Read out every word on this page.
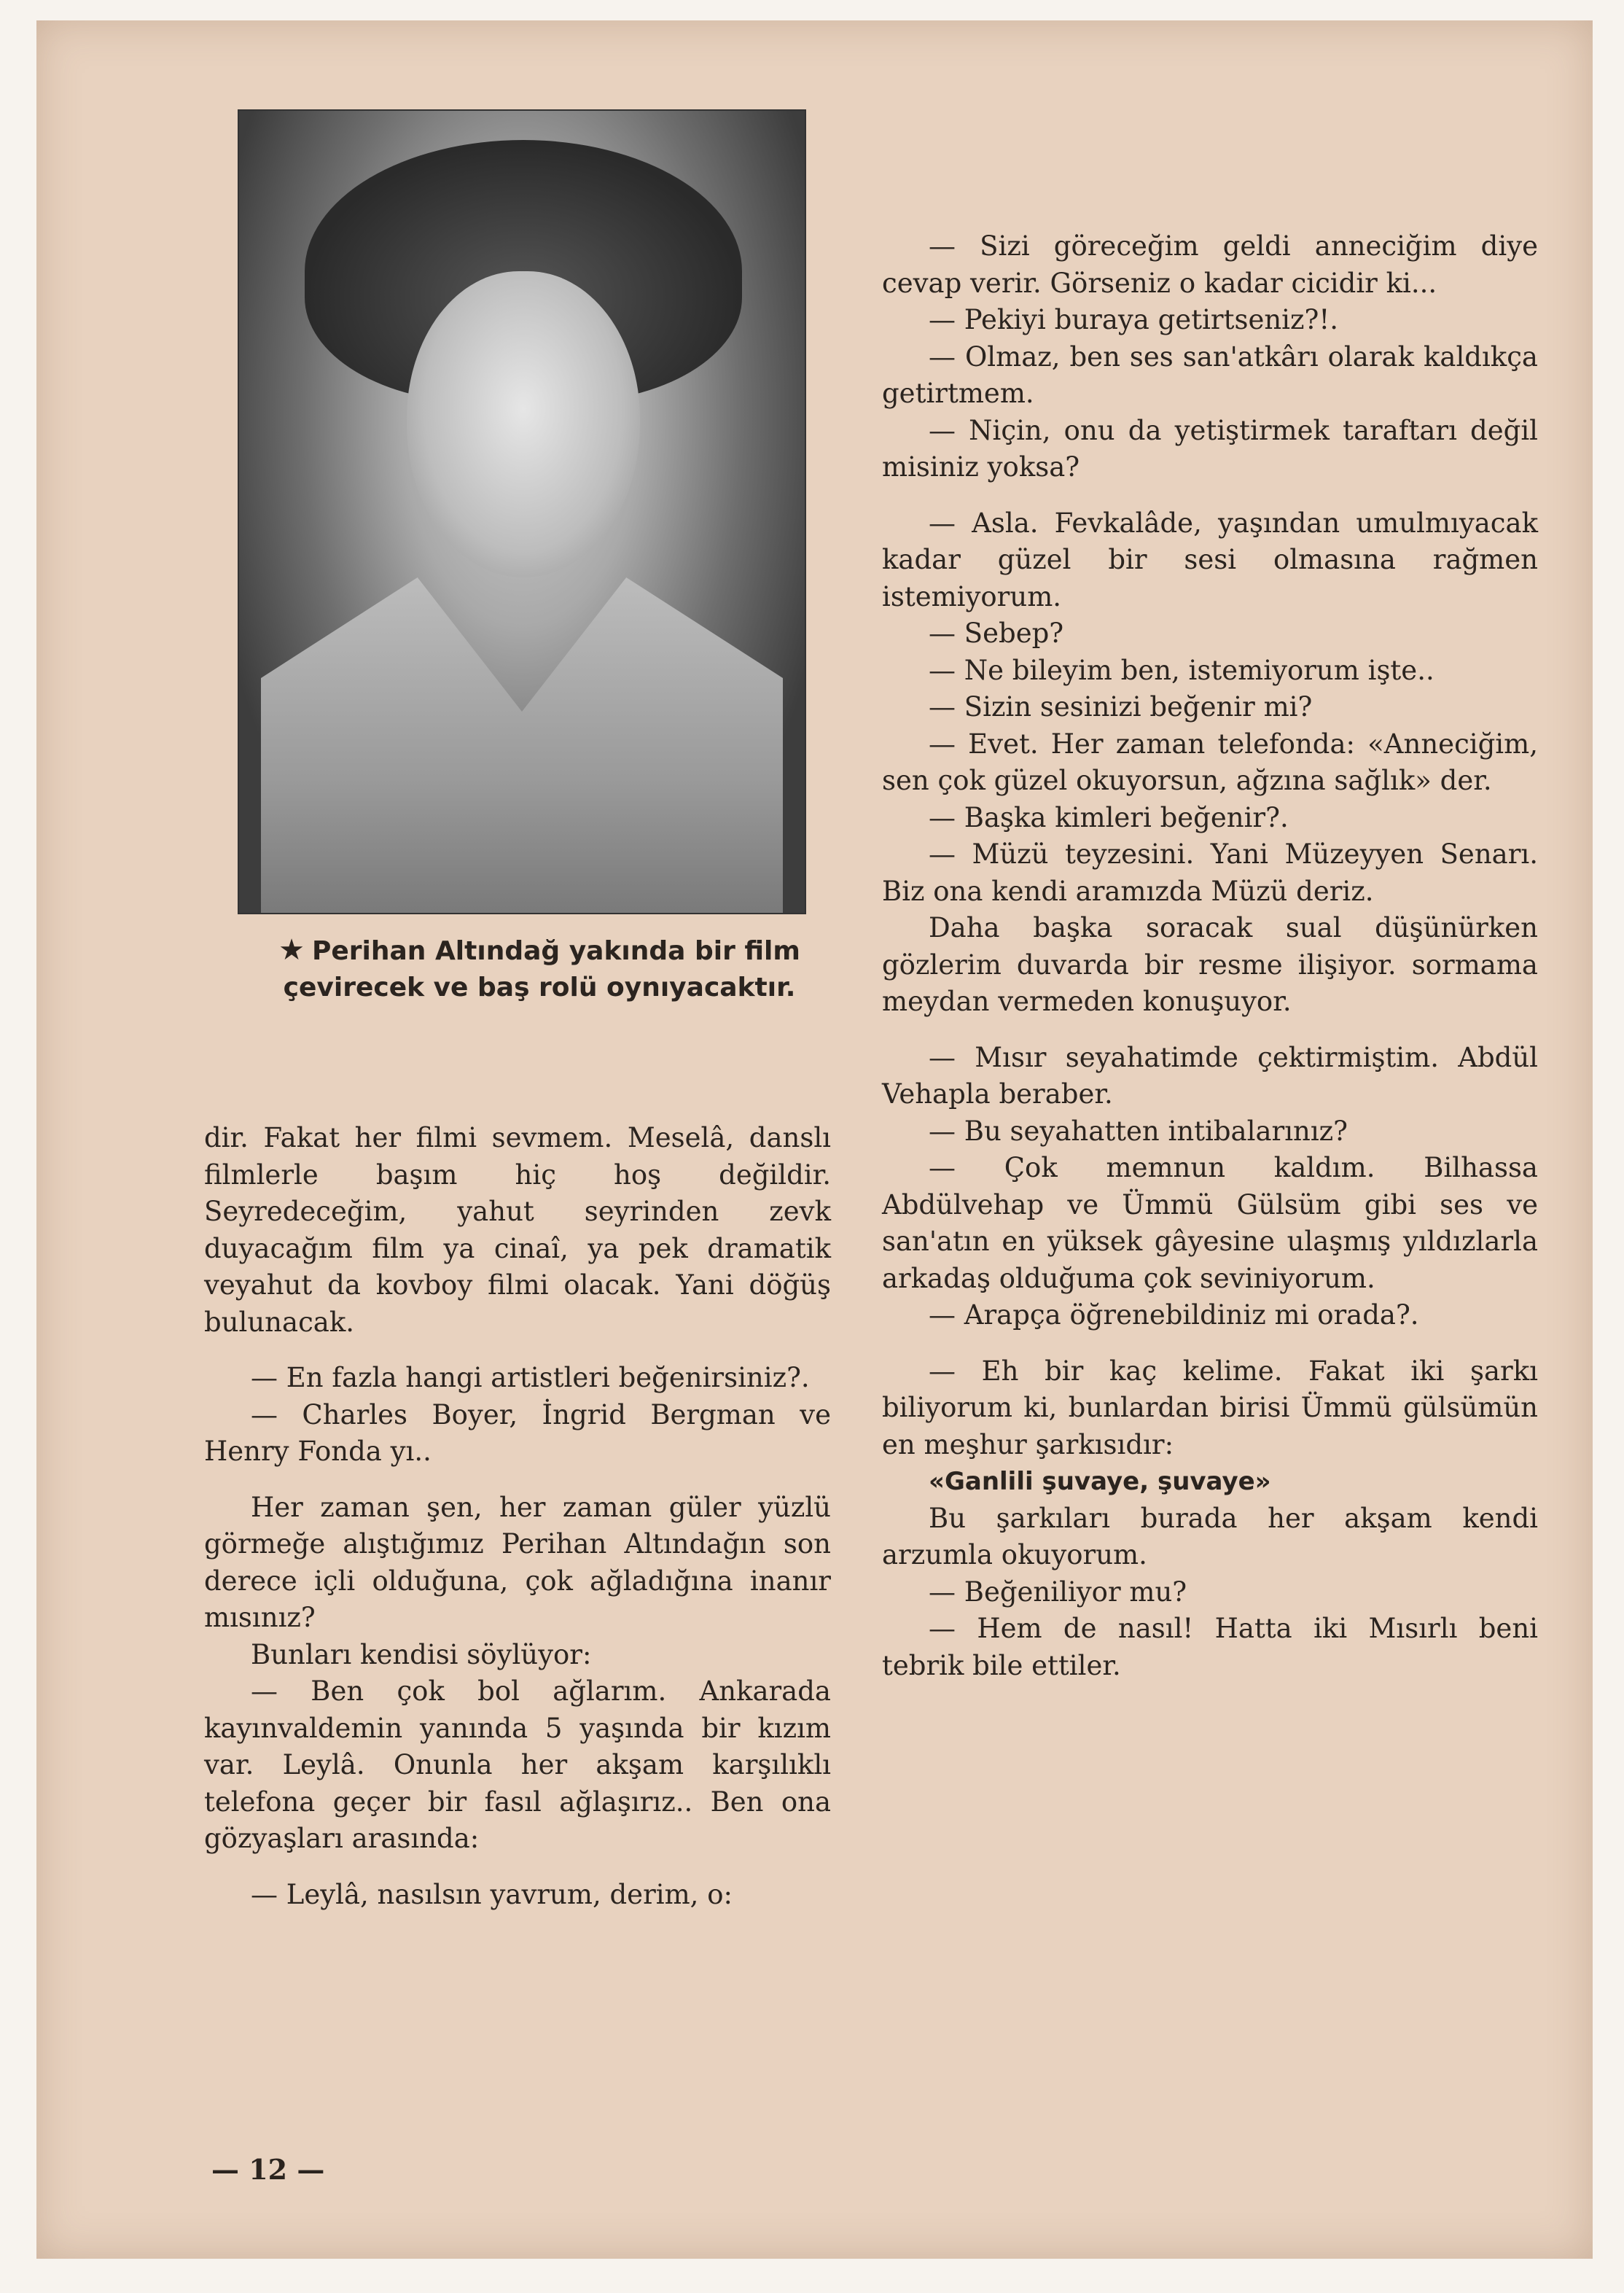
★ Perihan Altındağ yakında bir film çevirecek ve baş rolü oynıyacaktır.

dir. Fakat her filmi sevmem. Meselâ, danslı filmlerle başım hiç hoş değildir. Seyredeceğim, yahut seyrinden zevk duyacağım film ya cinaî, ya pek dramatik veyahut da kovboy filmi olacak. Yani döğüş bulunacak.

— En fazla hangi artistleri beğenirsiniz?.

— Charles Boyer, İngrid Bergman ve Henry Fonda yı..

Her zaman şen, her zaman güler yüzlü görmeğe alıştığımız Perihan Altındağın son derece içli olduğuna, çok ağladığına inanır mısınız?

Bunları kendisi söylüyor:

— Ben çok bol ağlarım. Ankarada kayınvaldemin yanında 5 yaşında bir kızım var. Leylâ. Onunla her akşam karşılıklı telefona geçer bir fasıl ağlaşırız.. Ben ona gözyaşları arasında:

— Leylâ, nasılsın yavrum, derim, o:

— Sizi göreceğim geldi anneciğim diye cevap verir. Görseniz o kadar cicidir ki...

— Pekiyi buraya getirtseniz?!.

— Olmaz, ben ses san'atkârı olarak kaldıkça getirtmem.

— Niçin, onu da yetiştirmek taraftarı değil misiniz yoksa?

— Asla. Fevkalâde, yaşından umulmıyacak kadar güzel bir sesi olmasına rağmen istemiyorum.

— Sebep?

— Ne bileyim ben, istemiyorum işte..

— Sizin sesinizi beğenir mi?

— Evet. Her zaman telefonda: «Anneciğim, sen çok güzel okuyorsun, ağzına sağlık» der.

— Başka kimleri beğenir?.

— Müzü teyzesini. Yani Müzeyyen Senarı. Biz ona kendi aramızda Müzü deriz.

Daha başka soracak sual düşünürken gözlerim duvarda bir resme ilişiyor. sormama meydan vermeden konuşuyor.

— Mısır seyahatimde çektirmiştim. Abdül Vehapla beraber.

— Bu seyahatten intibalarınız?

— Çok memnun kaldım. Bilhassa Abdülvehap ve Ümmü Gülsüm gibi ses ve san'atın en yüksek gâyesine ulaşmış yıldızlarla arkadaş olduğuma çok seviniyorum.

— Arapça öğrenebildiniz mi orada?.

— Eh bir kaç kelime. Fakat iki şarkı biliyorum ki, bunlardan birisi Ümmü gülsümün en meşhur şarkısıdır:

«Ganlili şuvaye, şuvaye»

Bu şarkıları burada her akşam kendi arzumla okuyorum.

— Beğeniliyor mu?

— Hem de nasıl! Hatta iki Mısırlı beni tebrik bile ettiler.

— 12 —
